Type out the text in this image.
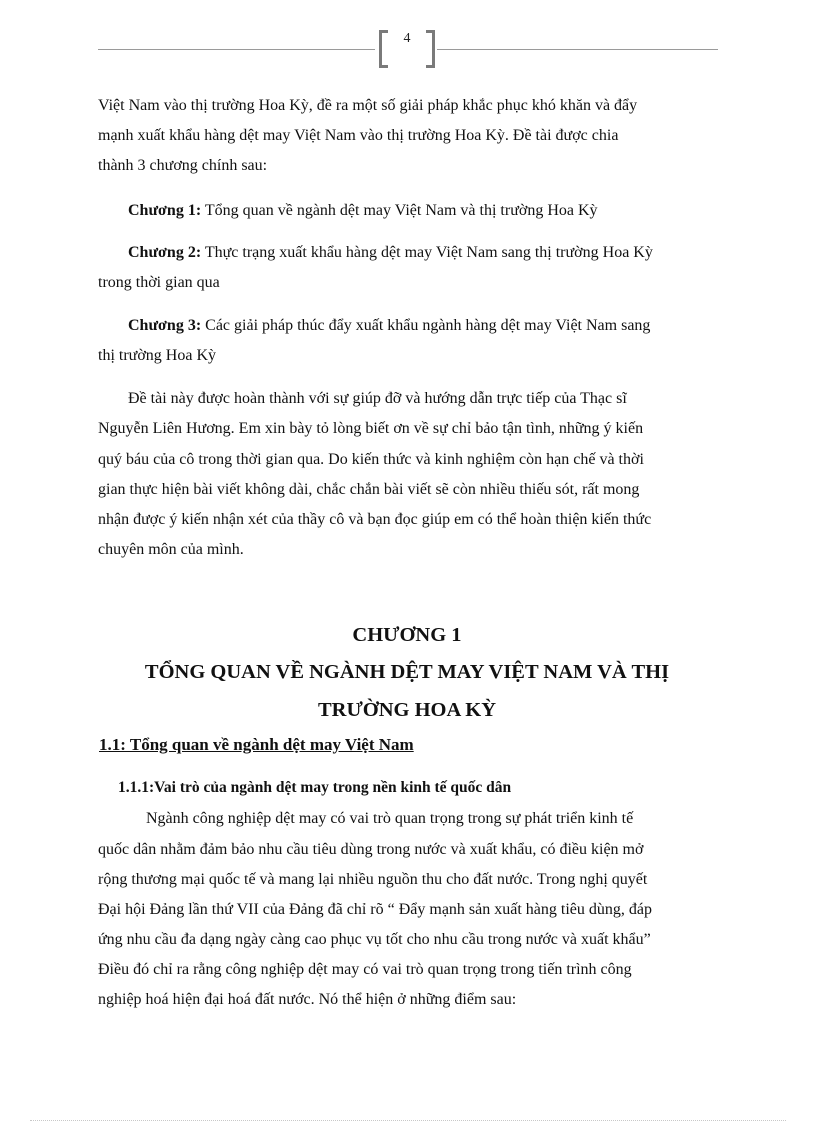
4
Việt Nam vào thị trường Hoa Kỳ, đề ra một số giải pháp khắc phục khó khăn và đẩy
mạnh xuất khẩu hàng dệt may Việt Nam vào thị trường Hoa Kỳ. Đề tài được chia
thành 3 chương chính sau:
Chương 1: Tổng quan về ngành dệt may Việt Nam và thị trường Hoa Kỳ
Chương 2: Thực trạng xuất khẩu hàng dệt may Việt Nam sang thị trường Hoa Kỳ
trong thời gian qua
Chương 3: Các giải pháp thúc đẩy xuất khẩu ngành hàng dệt may Việt Nam sang
thị trường Hoa Kỳ
Đề tài này được hoàn thành với sự giúp đỡ và hướng dẫn trực tiếp của Thạc sĩ
Nguyễn Liên Hương. Em xin bày tỏ lòng biết ơn về sự chỉ bảo tận tình, những ý kiến
quý báu của cô trong thời gian qua. Do kiến thức và kinh nghiệm còn hạn chế và thời
gian thực hiện bài viết không dài, chắc chắn bài viết sẽ còn nhiều thiếu sót, rất mong
nhận được ý kiến nhận xét của thầy cô và bạn đọc giúp em có thể hoàn thiện kiến thức
chuyên môn của mình.
CHƯƠNG 1
TỔNG QUAN VỀ NGÀNH DỆT MAY VIỆT NAM VÀ THỊ
TRƯỜNG HOA KỲ
1.1: Tổng quan về ngành dệt may Việt Nam
1.1.1:Vai trò của ngành dệt may trong nền kinh tế quốc dân
Ngành công nghiệp dệt may có vai trò quan trọng trong sự phát triển kinh tế
quốc dân nhằm đảm bảo nhu cầu tiêu dùng trong nước và xuất khẩu, có điều kiện mở
rộng thương mại quốc tế và mang lại nhiều nguồn thu cho đất nước. Trong nghị quyết
Đại hội Đảng lần thứ VII của Đảng đã chỉ rõ “ Đẩy mạnh sản xuất hàng tiêu dùng, đáp
ứng nhu cầu đa dạng ngày càng cao phục vụ tốt cho nhu cầu trong nước và xuất khẩu”
Điều đó chỉ ra rằng công nghiệp dệt may có vai trò quan trọng trong tiến trình công
nghiệp hoá hiện đại hoá đất nước. Nó thể hiện ở những điểm sau:
